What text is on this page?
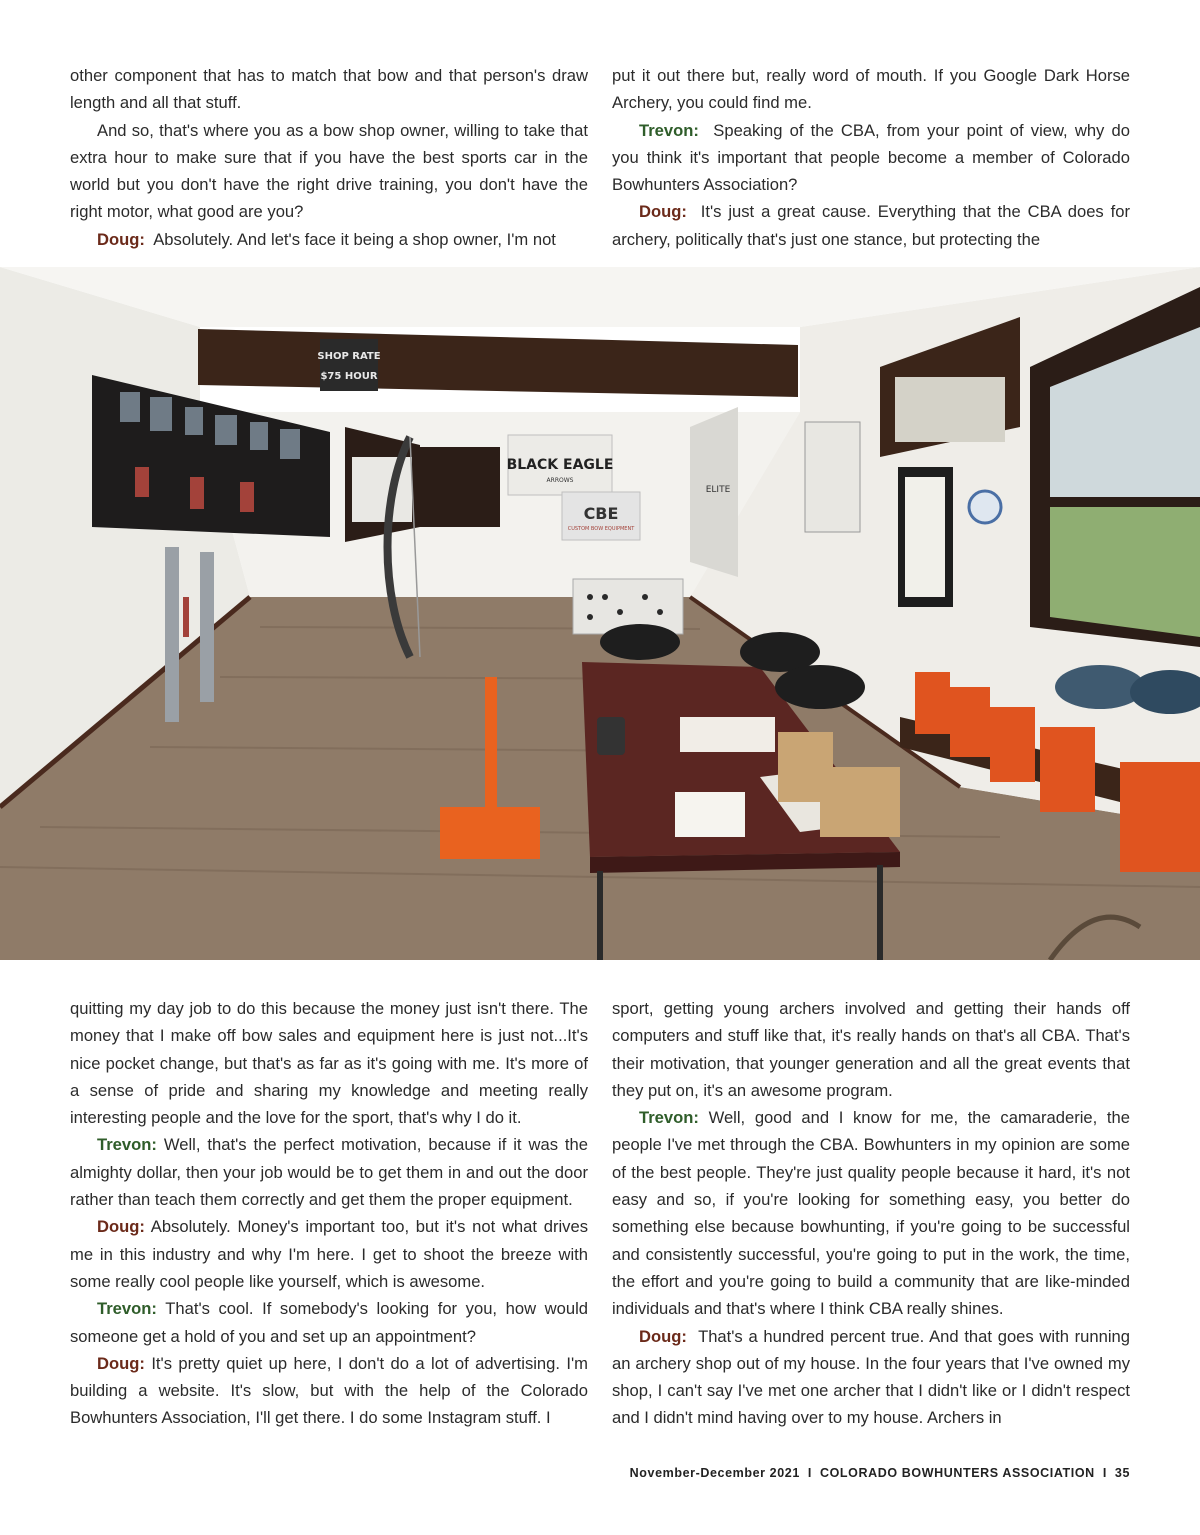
other component that has to match that bow and that person's draw length and all that stuff.

And so, that's where you as a bow shop owner, willing to take that extra hour to make sure that if you have the best sports car in the world but you don't have the right drive training, you don't have the right motor, what good are you?

Doug: Absolutely. And let's face it being a shop owner, I'm not

put it out there but, really word of mouth. If you Google Dark Horse Archery, you could find me.

Trevon: Speaking of the CBA, from your point of view, why do you think it's important that people become a member of Colorado Bowhunters Association?

Doug: It's just a great cause. Everything that the CBA does for archery, politically that's just one stance, but protecting the

SHOP RATE
$75 HOUR
BLACK EAGLE
ARROWS
CBE
CUSTOM BOW EQUIPMENT
ELITE

quitting my day job to do this because the money just isn't there. The money that I make off bow sales and equipment here is just not...It's nice pocket change, but that's as far as it's going with me. It's more of a sense of pride and sharing my knowledge and meeting really interesting people and the love for the sport, that's why I do it.

Trevon: Well, that's the perfect motivation, because if it was the almighty dollar, then your job would be to get them in and out the door rather than teach them correctly and get them the proper equipment.

Doug: Absolutely. Money's important too, but it's not what drives me in this industry and why I'm here. I get to shoot the breeze with some really cool people like yourself, which is awesome.

Trevon: That's cool. If somebody's looking for you, how would someone get a hold of you and set up an appointment?

Doug: It's pretty quiet up here, I don't do a lot of advertising. I'm building a website. It's slow, but with the help of the Colorado Bowhunters Association, I'll get there. I do some Instagram stuff. I

sport, getting young archers involved and getting their hands off computers and stuff like that, it's really hands on that's all CBA. That's their motivation, that younger generation and all the great events that they put on, it's an awesome program.

Trevon: Well, good and I know for me, the camaraderie, the people I've met through the CBA. Bowhunters in my opinion are some of the best people. They're just quality people because it hard, it's not easy and so, if you're looking for something easy, you better do something else because bowhunting, if you're going to be successful and consistently successful, you're going to put in the work, the time, the effort and you're going to build a community that are like-minded individuals and that's where I think CBA really shines.

Doug: That's a hundred percent true. And that goes with running an archery shop out of my house. In the four years that I've owned my shop, I can't say I've met one archer that I didn't like or I didn't respect and I didn't mind having over to my house. Archers in

November-December 2021 I COLORADO BOWHUNTERS ASSOCIATION I 35
